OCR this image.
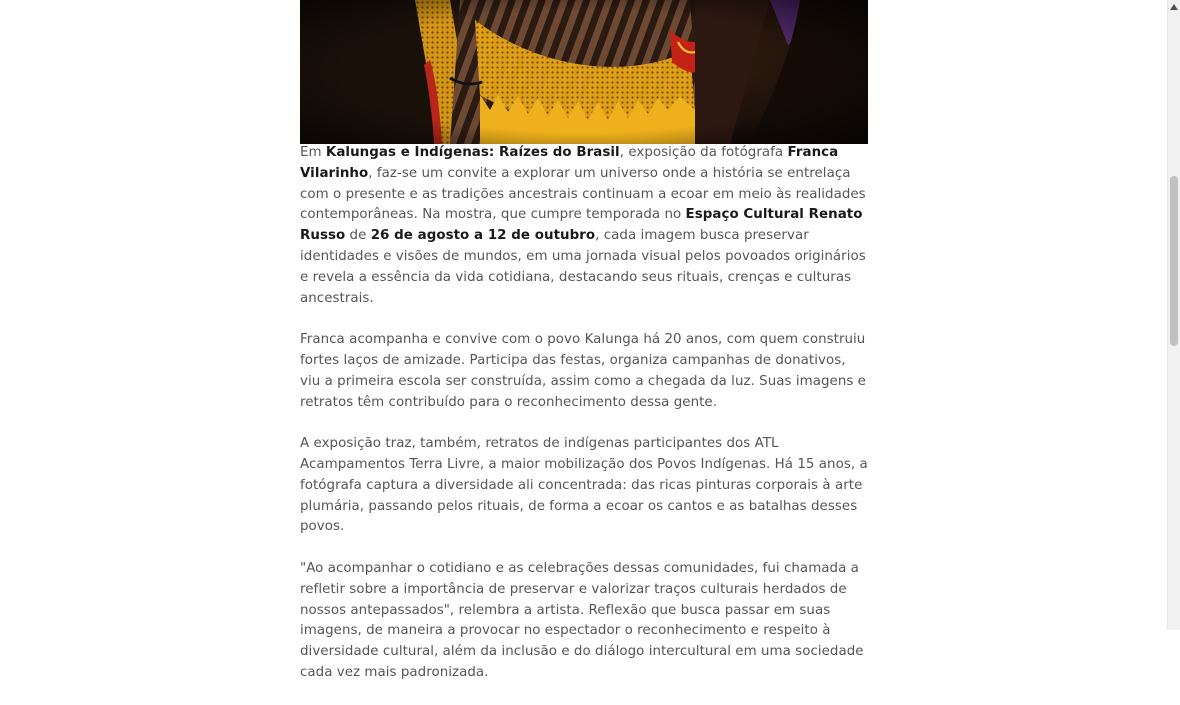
Em Kalungas e Indígenas: Raízes do Brasil, exposição da fotógrafa Franca Vilarinho, faz-se um convite a explorar um universo onde a história se entrelaça com o presente e as tradições ancestrais continuam a ecoar em meio às realidades contemporâneas. Na mostra, que cumpre temporada no Espaço Cultural Renato Russo de 26 de agosto a 12 de outubro, cada imagem busca preservar identidades e visões de mundos, em uma jornada visual pelos povoados originários e revela a essência da vida cotidiana, destacando seus rituais, crenças e culturas ancestrais.

Franca acompanha e convive com o povo Kalunga há 20 anos, com quem construiu fortes laços de amizade. Participa das festas, organiza campanhas de donativos, viu a primeira escola ser construída, assim como a chegada da luz. Suas imagens e retratos têm contribuído para o reconhecimento dessa gente.

A exposição traz, também, retratos de indígenas participantes dos ATL Acampamentos Terra Livre, a maior mobilização dos Povos Indígenas. Há 15 anos, a fotógrafa captura a diversidade ali concentrada: das ricas pinturas corporais à arte plumária, passando pelos rituais, de forma a ecoar os cantos e as batalhas desses povos.

"Ao acompanhar o cotidiano e as celebrações dessas comunidades, fui chamada a refletir sobre a importância de preservar e valorizar traços culturais herdados de nossos antepassados", relembra a artista. Reflexão que busca passar em suas imagens, de maneira a provocar no espectador o reconhecimento e respeito à diversidade cultural, além da inclusão e do diálogo intercultural em uma sociedade cada vez mais padronizada.
